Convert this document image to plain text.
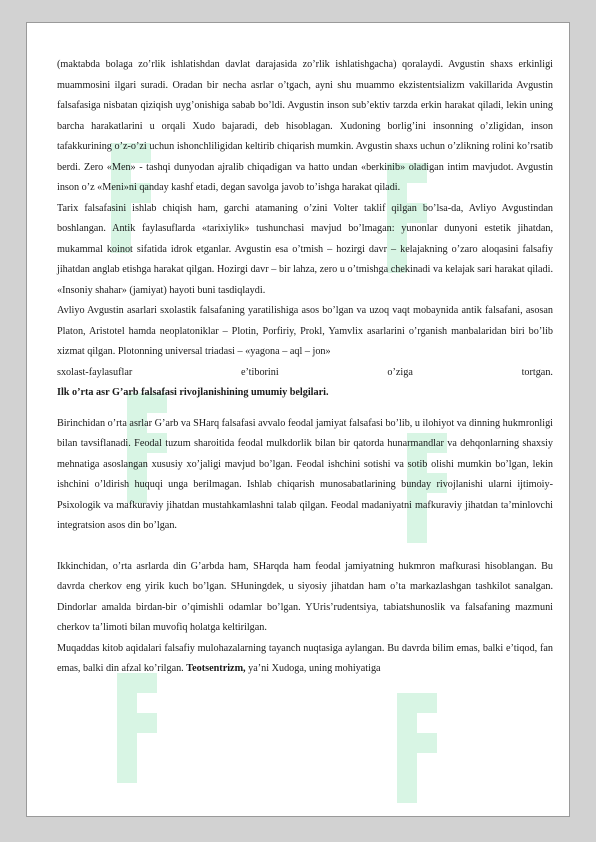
(maktabda bolaga zo’rlik ishlatishdan davlat darajasida zo’rlik ishlatishgacha) qoralaydi. Avgustin shaxs erkinligi muammosini ilgari suradi. Oradan bir necha asrlar o’tgach, ayni shu muammo ekzistentsializm vakillarida Avgustin falsafasiga nisbatan qiziqish uyg’onishiga sabab bo’ldi. Avgustin inson sub’ektiv tarzda erkin harakat qiladi, lekin uning barcha harakatlarini u orqali Xudo bajaradi, deb hisoblagan. Xudoning borlig’ini insonning o’zligidan, inson tafakkurining o’z-o’zi uchun ishonchliligidan keltirib chiqarish mumkin. Avgustin shaxs uchun o’zlikning rolini ko’rsatib berdi. Zero «Men» - tashqi dunyodan ajralib chiqadigan va hatto undan «berkinib» oladigan intim mavjudot. Avgustin inson o’z «Meni»ni qanday kashf etadi, degan savolga javob to’ishga harakat qiladi.

Tarix falsafasini ishlab chiqish ham, garchi atamaning o’zini Volter taklif qilgan bo’lsa-da, Avliyo Avgustindan boshlangan. Antik faylasuflarda «tarixiylik» tushunchasi mavjud bo’lmagan: yunonlar dunyoni estetik jihatdan, mukammal koinot sifatida idrok etganlar. Avgustin esa o’tmish – hozirgi davr – kelajakning o’zaro aloqasini falsafiy jihatdan anglab etishga harakat qilgan. Hozirgi davr – bir lahza, zero u o’tmishga chekinadi va kelajak sari harakat qiladi. «Insoniy shahar» (jamiyat) hayoti buni tasdiqlaydi.

Avliyo Avgustin asarlari sxolastik falsafaning yaratilishiga asos bo’lgan va uzoq vaqt mobaynida antik falsafani, asosan Platon, Aristotel hamda neoplatoniklar – Plotin, Porfiriy, Prokl, Yamvlix asarlarini o’rganish manbalaridan biri bo’lib xizmat qilgan. Plotonning universal triadasi – «yagona – aql – jon»

sxolast-faylasuflar	e’tiborini	o’ziga	tortgan.

Ilk o’rta asr G’arb falsafasi rivojlanishining umumiy belgilari.

Birinchidan o’rta asrlar G’arb va SHarq falsafasi avvalo feodal jamiyat falsafasi bo’lib, u ilohiyot va dinning hukmronligi bilan tavsiflanadi. Feodal tuzum sharoitida feodal mulkdorlik bilan bir qatorda hunarmandlar va dehqonlarning shaxsiy mehnatiga asoslangan xususiy xo’jaligi mavjud bo’lgan. Feodal ishchini sotishi va sotib olishi mumkin bo’lgan, lekin ishchini o’ldirish huquqi unga berilmagan. Ishlab chiqarish munosabatlarining bunday rivojlanishi ularni ijtimoiy-Psixologik va mafkuraviy jihatdan mustahkamlashni talab qilgan. Feodal madaniyatni mafkuraviy jihatdan ta’minlovchi integratsion asos din bo’lgan.

Ikkinchidan, o’rta asrlarda din G’arbda ham, SHarqda ham feodal jamiyatning hukmron mafkurasi hisoblangan. Bu davrda cherkov eng yirik kuch bo’lgan. SHuningdek, u siyosiy jihatdan ham o’ta markazlashgan tashkilot sanalgan. Dindorlar amalda birdan-bir o’qimishli odamlar bo’lgan. YUris’rudentsiya, tabiatshunoslik va falsafaning mazmuni cherkov ta’limoti bilan muvofiq holatga keltirilgan.

Muqaddas kitob aqidalari falsafiy mulohazalarning tayanch nuqtasiga aylangan. Bu davrda bilim emas, balki e’tiqod, fan emas, balki din afzal ko’rilgan. Teotsentrizm, ya’ni Xudoga, uning mohiyatiga
